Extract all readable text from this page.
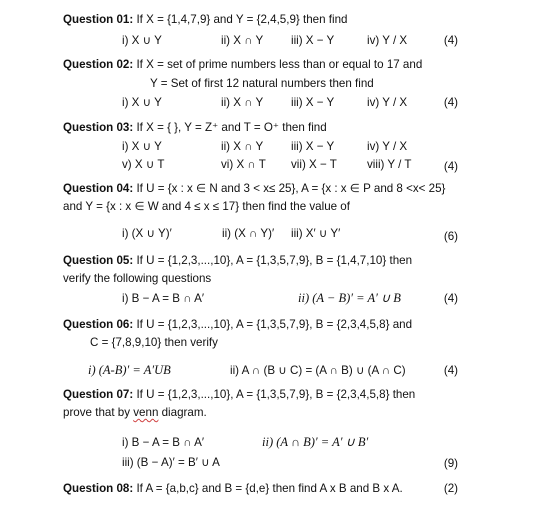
Question 01: If X = {1,4,7,9} and Y = {2,4,5,9} then find
i) X ∪ Y	ii) X ∩ Y iii) X − Y	iv) Y / X	(4)
Question 02: If X = set of prime numbers less than or equal to 17 and
Y = Set of first 12 natural numbers then find
i) X ∪ Y	ii) X ∩ Y iii) X − Y	iv) Y / X	(4)
Question 03: If X = { }, Y = Z⁺ and T = O⁺ then find
i) X ∪ Y	ii) X ∩ Y iii) X − Y	iv) Y / X
v) X ∪ T	vi) X ∩ T vii) X − T	viii) Y / T	(4)
Question 04: If U = {x : x ∈ N and 3 < x≤ 25}, A = {x : x ∈ P and 8 <x< 25}
and Y = {x : x ∈ W and 4 ≤ x ≤ 17} then find the value of
i) (X ∪ Y)′	ii) (X ∩ Y)′ iii) X′ ∪ Y′	(6)
Question 05: If U = {1,2,3,...,10}, A = {1,3,5,7,9}, B = {1,4,7,10} then
verify the following questions
i) B − A = B ∩ A′	ii) (A − B)′ = A′ ∪ B	(4)
Question 06: If U = {1,2,3,...,10}, A = {1,3,5,7,9}, B = {2,3,4,5,8} and
C = {7,8,9,10} then verify
i) (A-B)′ = A′UB	ii) A ∩ (B ∪ C) = (A ∩ B) ∪ (A ∩ C)	(4)
Question 07: If U = {1,2,3,...,10}, A = {1,3,5,7,9}, B = {2,3,4,5,8} then
prove that by venn diagram.
i) B − A = B ∩ A′	ii) (A ∩ B)′ = A′ ∪ B′
iii) (B − A)′ = B′ ∪ A	(9)
Question 08: If A = {a,b,c} and B = {d,e} then find A x B and B x A.	(2)
